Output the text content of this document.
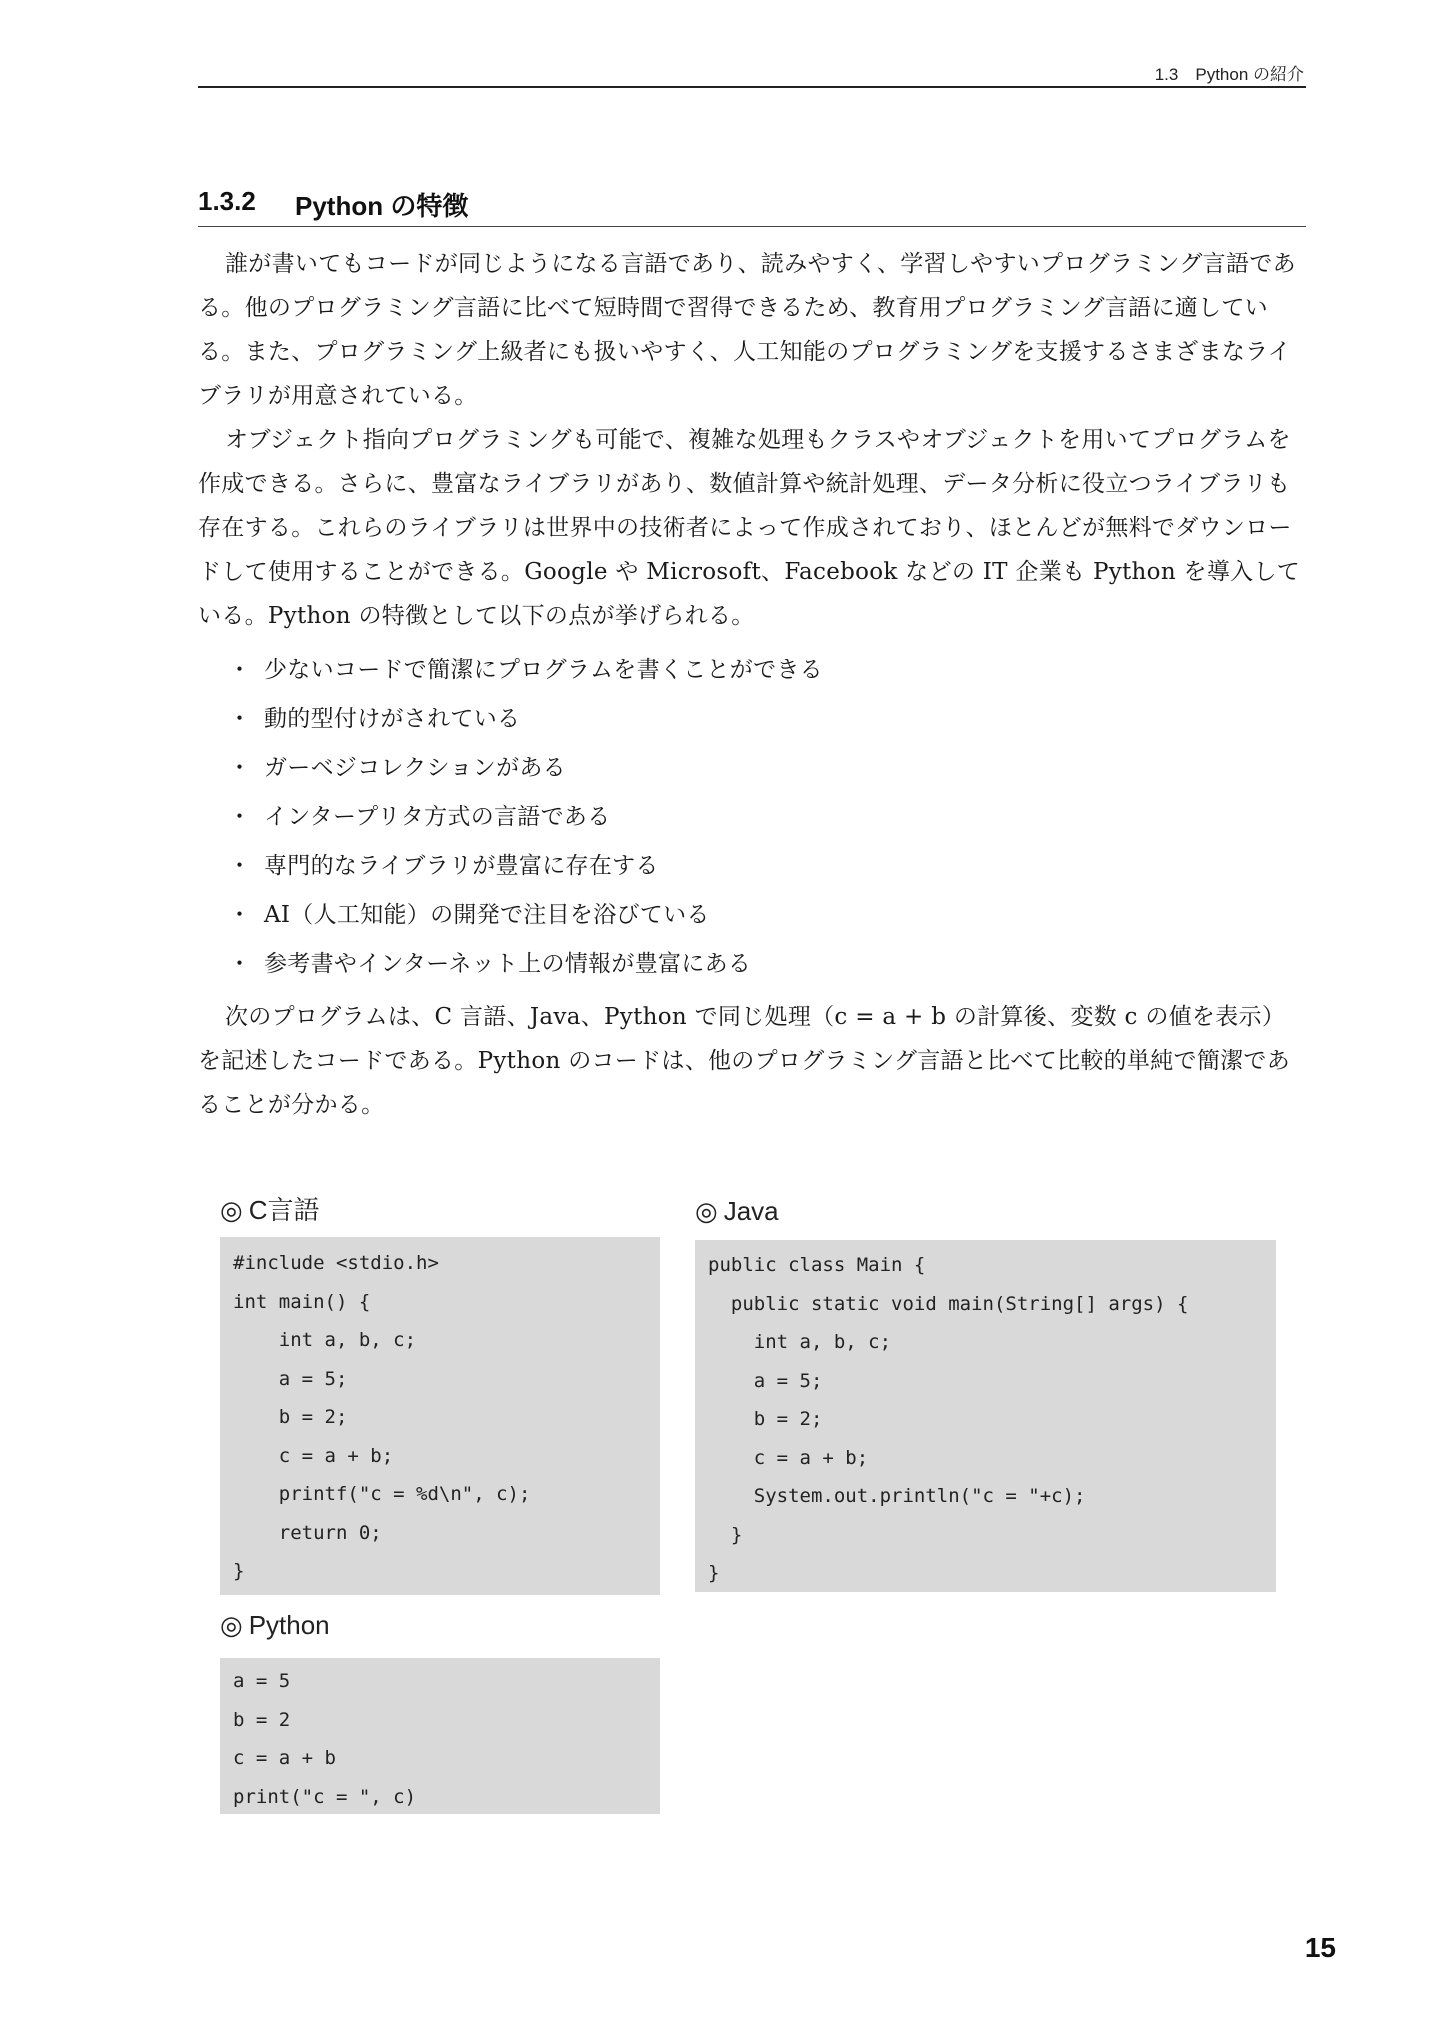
1.3　Python の紹介
1.3.2 Python の特徴

誰が書いてもコードが同じようになる言語であり、読みやすく、学習しやすいプログラミング言語である。他のプログラミング言語に比べて短時間で習得できるため、教育用プログラミング言語に適している。また、プログラミング上級者にも扱いやすく、人工知能のプログラミングを支援するさまざまなライブラリが用意されている。

オブジェクト指向プログラミングも可能で、複雑な処理もクラスやオブジェクトを用いてプログラムを作成できる。さらに、豊富なライブラリがあり、数値計算や統計処理、データ分析に役立つライブラリも存在する。これらのライブラリは世界中の技術者によって作成されており、ほとんどが無料でダウンロードして使用することができる。Google や Microsoft、Facebook などの IT 企業も Python を導入している。Python の特徴として以下の点が挙げられる。

・ 少ないコードで簡潔にプログラムを書くことができる
・ 動的型付けがされている
・ ガーベジコレクションがある
・ インタープリタ方式の言語である
・ 専門的なライブラリが豊富に存在する
・ AI（人工知能）の開発で注目を浴びている
・ 参考書やインターネット上の情報が豊富にある

次のプログラムは、C 言語、Java、Python で同じ処理（c = a + b の計算後、変数 c の値を表示）を記述したコードである。Python のコードは、他のプログラミング言語と比べて比較的単純で簡潔であることが分かる。

◎ C言語
#include <stdio.h>
int main() {
int a, b, c;
a = 5;
b = 2;
c = a + b;
printf("c = %d\n", c);
return 0;
}
◎ Java
public class Main {
public static void main(String[] args) {
int a, b, c;
a = 5;
b = 2;
c = a + b;
System.out.println("c = "+c);
}
}
◎ Python
a = 5
b = 2
c = a + b
print("c = ", c)
15
